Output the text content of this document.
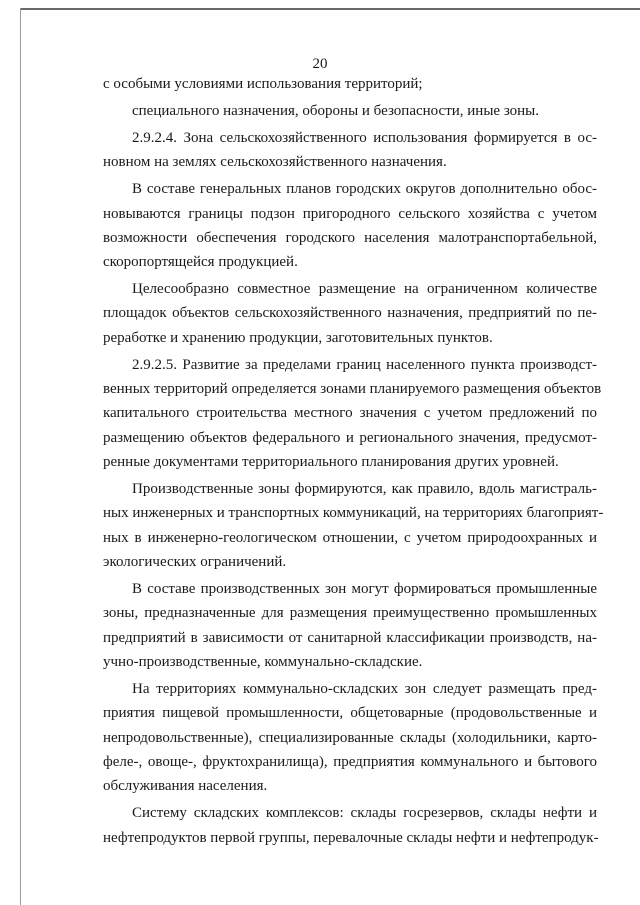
20
с особыми условиями использования территорий;
специального назначения, обороны и безопасности, иные зоны.
2.9.2.4. Зона сельскохозяйственного использования формируется в ос-
новном на землях сельскохозяйственного назначения.
В составе генеральных планов городских округов дополнительно обос-
новываются границы подзон пригородного сельского хозяйства с учетом
возможности обеспечения городского населения малотранспортабельной,
скоропортящейся продукцией.
Целесообразно совместное размещение на ограниченном количестве
площадок объектов сельскохозяйственного назначения, предприятий по пе-
реработке и хранению продукции, заготовительных пунктов.
2.9.2.5. Развитие за пределами границ населенного пункта производст-
венных территорий определяется зонами планируемого размещения объектов
капитального строительства местного значения с учетом предложений по
размещению объектов федерального и регионального значения, предусмот-
ренные документами территориального планирования других уровней.
Производственные зоны формируются, как правило, вдоль магистраль-
ных инженерных и транспортных коммуникаций, на территориях благоприят-
ных в инженерно-геологическом отношении, с учетом природоохранных и
экологических ограничений.
В составе производственных зон могут формироваться промышленные
зоны, предназначенные для размещения преимущественно промышленных
предприятий в зависимости от санитарной классификации производств, на-
учно-производственные, коммунально-складские.
На территориях коммунально-складских зон следует размещать пред-
приятия пищевой промышленности, общетоварные (продовольственные и
непродовольственные), специализированные склады (холодильники, карто-
феле-, овоще-, фруктохранилища), предприятия коммунального и бытового
обслуживания населения.
Систему складских комплексов: склады госрезервов, склады нефти и
нефтепродуктов первой группы, перевалочные склады нефти и нефтепродук-
